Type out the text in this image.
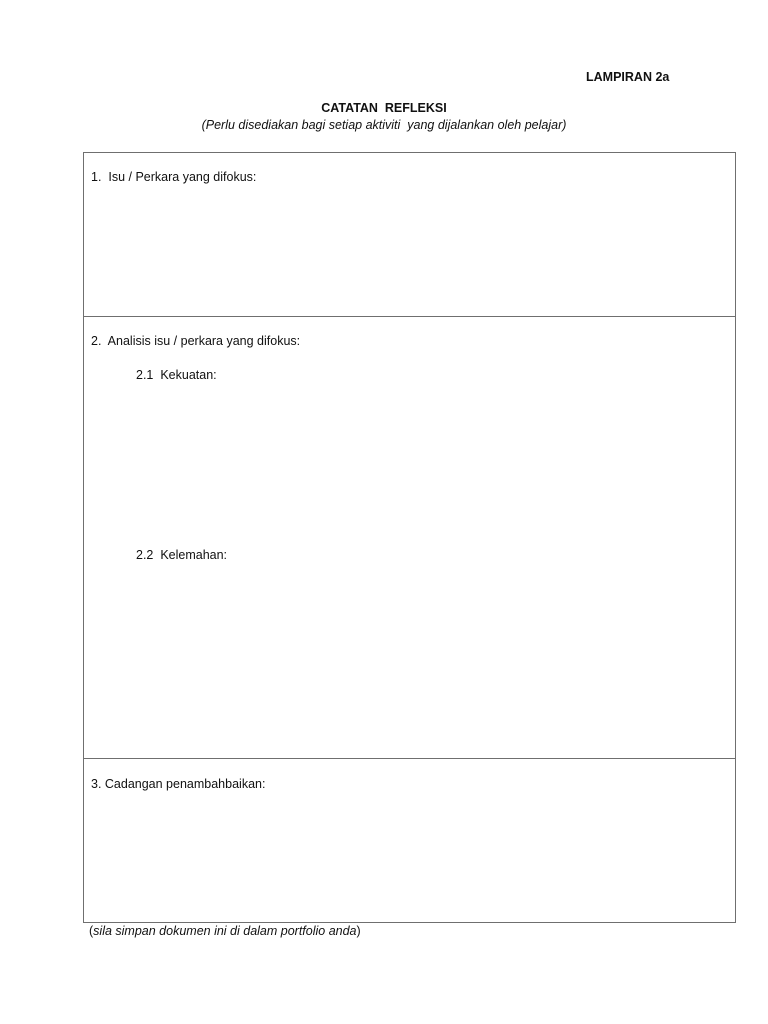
LAMPIRAN 2a
CATATAN  REFLEKSI
(Perlu disediakan bagi setiap aktiviti  yang dijalankan oleh pelajar)
1.  Isu / Perkara yang difokus:
2.  Analisis isu / perkara yang difokus:
2.1  Kekuatan:
2.2  Kelemahan:
3. Cadangan penambahbaikan:
(sila simpan dokumen ini di dalam portfolio anda)
